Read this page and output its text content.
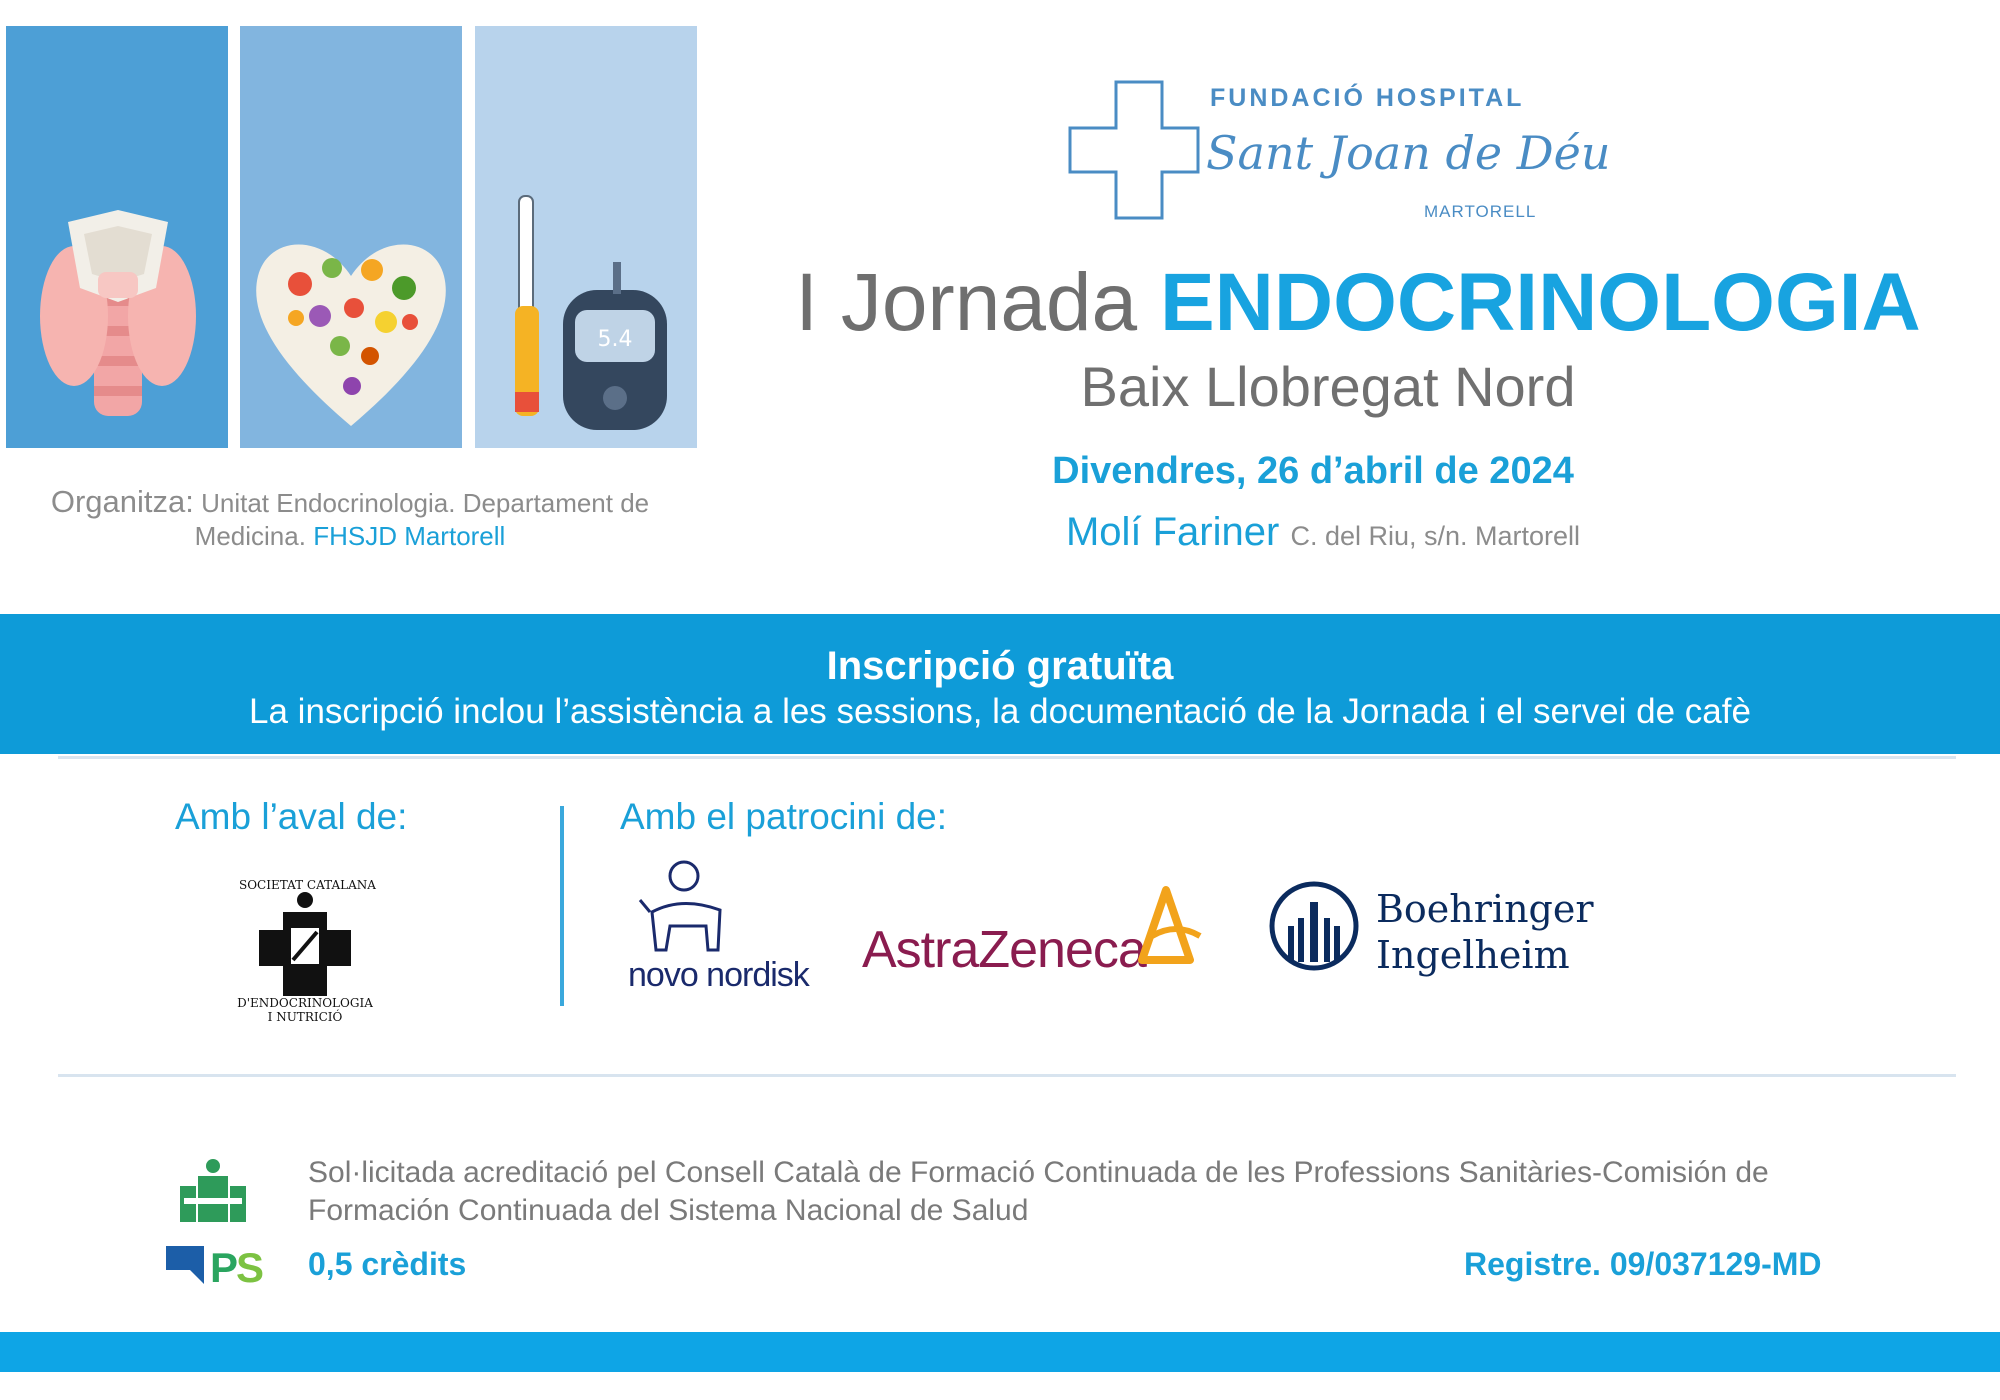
5.4
Organitza: Unitat Endocrinologia. Departament de
Medicina. FHSJD Martorell
FUNDACIÓ HOSPITAL
Sant Joan de Déu
MARTORELL
I Jornada ENDOCRINOLOGIA
Baix Llobregat Nord
Divendres, 26 d’abril de 2024
Molí Fariner C. del Riu, s/n. Martorell
Inscripció gratuïta
La inscripció inclou l’assistència a les sessions, la documentació de la Jornada i el servei de cafè
Amb l’aval de:	Amb el patrocini de:
SOCIETAT CATALANA
D'ENDOCRINOLOGIA
I NUTRICIÓ
novo nordisk AstraZeneca
Boehringer
Ingelheim
P
S
Sol·licitada acreditació pel Consell Català de Formació Continuada de les Professions Sanitàries-Comisión de Formación Continuada del Sistema Nacional de Salud
0,5 crèdits	Registre. 09/037129-MD
